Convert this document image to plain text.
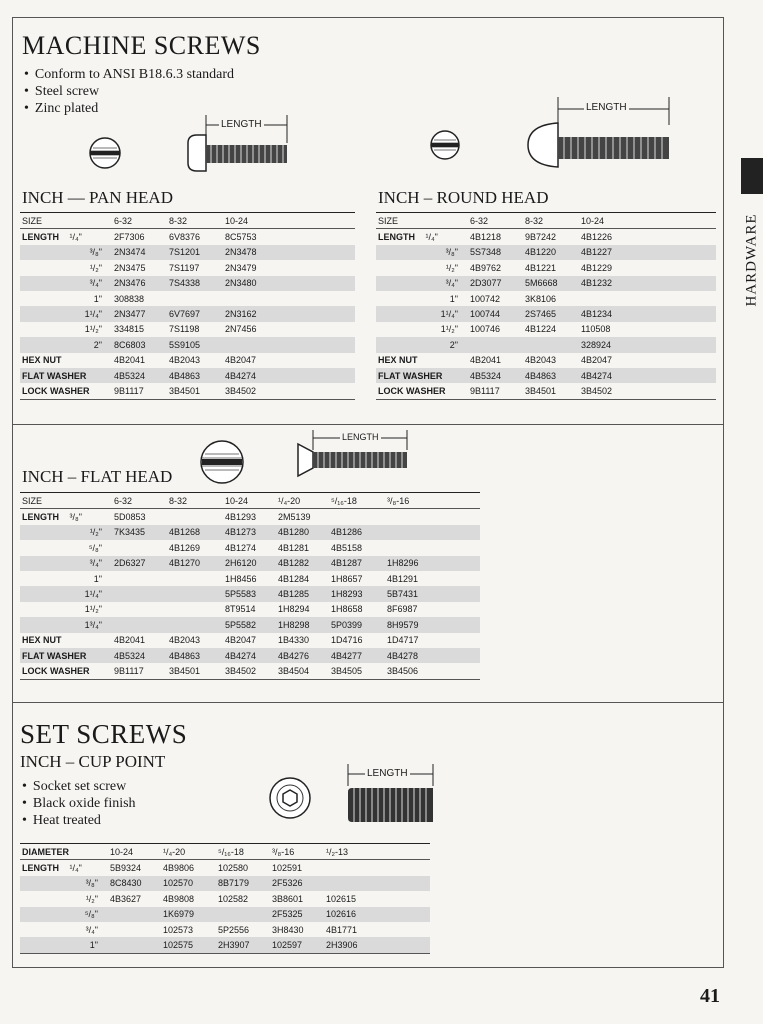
HARDWARE
MACHINE SCREWS
• Conform to ANSI B18.6.3 standard
• Steel screw
• Zinc plated
LENGTH
LENGTH
INCH — PAN HEAD
SIZE	6-32	8-32	10-24
LENGTH ¹/₄"	2F7306	6V8376	8C5753
³/₈"	2N3474	7S1201	2N3478
¹/₂"	2N3475	7S1197	2N3479
³/₄"	2N3476	7S4338	2N3480
1"	308838		
1¹/₄"	2N3477	6V7697	2N3162
1¹/₂"	334815	7S1198	2N7456
2"	8C6803	5S9105	
HEX NUT	4B2041	4B2043	4B2047
FLAT WASHER	4B5324	4B4863	4B4274
LOCK WASHER	9B1117	3B4501	3B4502
INCH – ROUND HEAD
SIZE	6-32	8-32	10-24
LENGTH ¹/₄"	4B1218	9B7242	4B1226
³/₈"	5S7348	4B1220	4B1227
¹/₂"	4B9762	4B1221	4B1229
³/₄"	2D3077	5M6668	4B1232
1"	100742	3K8106	
1¹/₄"	100744	2S7465	4B1234
1¹/₂"	100746	4B1224	110508
2"			328924
HEX NUT	4B2041	4B2043	4B2047
FLAT WASHER	4B5324	4B4863	4B4274
LOCK WASHER	9B1117	3B4501	3B4502
LENGTH
INCH – FLAT HEAD
SIZE	6-32	8-32	10-24	¹/₄-20	⁵/₁₆-18	³/₈-16
LENGTH ³/₈"	5D0853		4B1293	2M5139		
¹/₂"	7K3435	4B1268	4B1273	4B1280	4B1286	
⁵/₈"		4B1269	4B1274	4B1281	4B5158	
³/₄"	2D6327	4B1270	2H6120	4B1282	4B1287	1H8296
1"			1H8456	4B1284	1H8657	4B1291
1¹/₄"			5P5583	4B1285	1H8293	5B7431
1¹/₂"			8T9514	1H8294	1H8658	8F6987
1³/₄"			5P5582	1H8298	5P0399	8H9579
HEX NUT	4B2041	4B2043	4B2047	1B4330	1D4716	1D4717
FLAT WASHER	4B5324	4B4863	4B4274	4B4276	4B4277	4B4278
LOCK WASHER	9B1117	3B4501	3B4502	3B4504	3B4505	3B4506
SET SCREWS
INCH – CUP POINT
• Socket set screw
• Black oxide finish
• Heat treated
LENGTH
DIAMETER	10-24	¹/₄-20	⁵/₁₆-18	³/₈-16	¹/₂-13
LENGTH ¹/₄"	5B9324	4B9806	102580	102591	
³/₈"	8C8430	102570	8B7179	2F5326	
¹/₂"	4B3627	4B9808	102582	3B8601	102615
⁵/₈"		1K6979		2F5325	102616
³/₄"		102573	5P2556	3H8430	4B1771
1"		102575	2H3907	102597	2H3906
41
